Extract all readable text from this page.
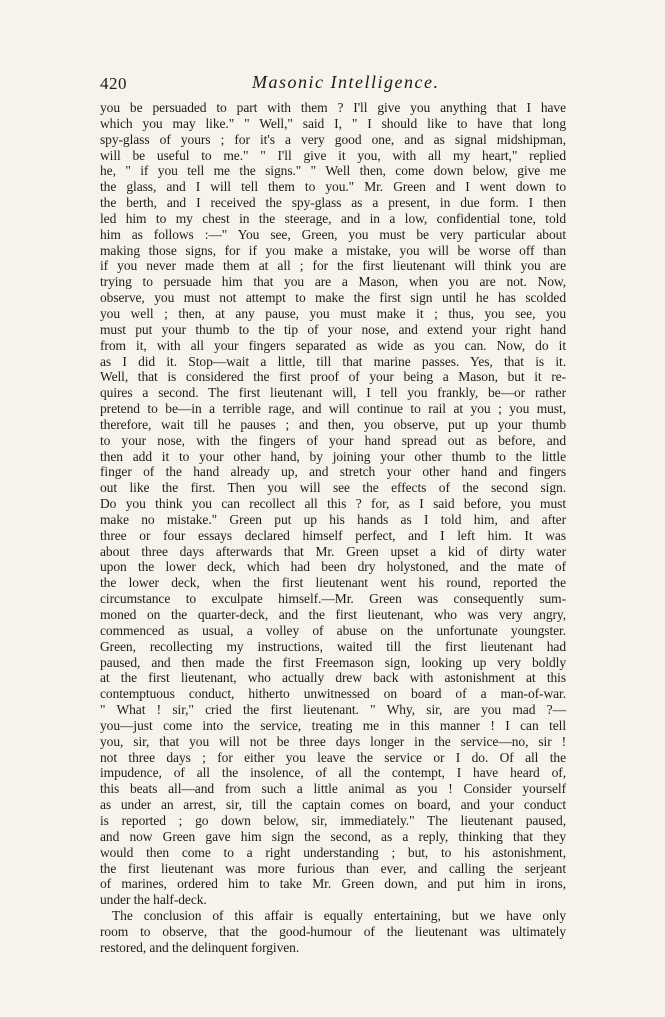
420	Masonic Intelligence.
you be persuaded to part with them ? I'll give you anything that I have
which you may like." " Well," said I, " I should like to have that long
spy-glass of yours ; for it's a very good one, and as signal midshipman,
will be useful to me." " I'll give it you, with all my heart," replied
he, " if you tell me the signs." " Well then, come down below, give me
the glass, and I will tell them to you." Mr. Green and I went down to
the berth, and I received the spy-glass as a present, in due form. I then
led him to my chest in the steerage, and in a low, confidential tone, told
him as follows :—" You see, Green, you must be very particular about
making those signs, for if you make a mistake, you will be worse off than
if you never made them at all ; for the first lieutenant will think you are
trying to persuade him that you are a Mason, when you are not. Now,
observe, you must not attempt to make the first sign until he has scolded
you well ; then, at any pause, you must make it ; thus, you see, you
must put your thumb to the tip of your nose, and extend your right hand
from it, with all your fingers separated as wide as you can. Now, do it
as I did it. Stop—wait a little, till that marine passes. Yes, that is it.
Well, that is considered the first proof of your being a Mason, but it re-
quires a second. The first lieutenant will, I tell you frankly, be—or rather
pretend to be—in a terrible rage, and will continue to rail at you ; you must,
therefore, wait till he pauses ; and then, you observe, put up your thumb
to your nose, with the fingers of your hand spread out as before, and
then add it to your other hand, by joining your other thumb to the little
finger of the hand already up, and stretch your other hand and fingers
out like the first. Then you will see the effects of the second sign.
Do you think you can recollect all this ? for, as I said before, you must
make no mistake." Green put up his hands as I told him, and after
three or four essays declared himself perfect, and I left him. It was
about three days afterwards that Mr. Green upset a kid of dirty water
upon the lower deck, which had been dry holystoned, and the mate of
the lower deck, when the first lieutenant went his round, reported the
circumstance to exculpate himself.—Mr. Green was consequently sum-
moned on the quarter-deck, and the first lieutenant, who was very angry,
commenced as usual, a volley of abuse on the unfortunate youngster.
Green, recollecting my instructions, waited till the first lieutenant had
paused, and then made the first Freemason sign, looking up very boldly
at the first lieutenant, who actually drew back with astonishment at this
contemptuous conduct, hitherto unwitnessed on board of a man-of-war.
" What ! sir," cried the first lieutenant. " Why, sir, are you mad ?—
you—just come into the service, treating me in this manner ! I can tell
you, sir, that you will not be three days longer in the service—no, sir !
not three days ; for either you leave the service or I do. Of all the
impudence, of all the insolence, of all the contempt, I have heard of,
this beats all—and from such a little animal as you ! Consider yourself
as under an arrest, sir, till the captain comes on board, and your conduct
is reported ; go down below, sir, immediately." The lieutenant paused,
and now Green gave him sign the second, as a reply, thinking that they
would then come to a right understanding ; but, to his astonishment,
the first lieutenant was more furious than ever, and calling the serjeant
of marines, ordered him to take Mr. Green down, and put him in irons,
under the half-deck.
The conclusion of this affair is equally entertaining, but we have only
room to observe, that the good-humour of the lieutenant was ultimately
restored, and the delinquent forgiven.
